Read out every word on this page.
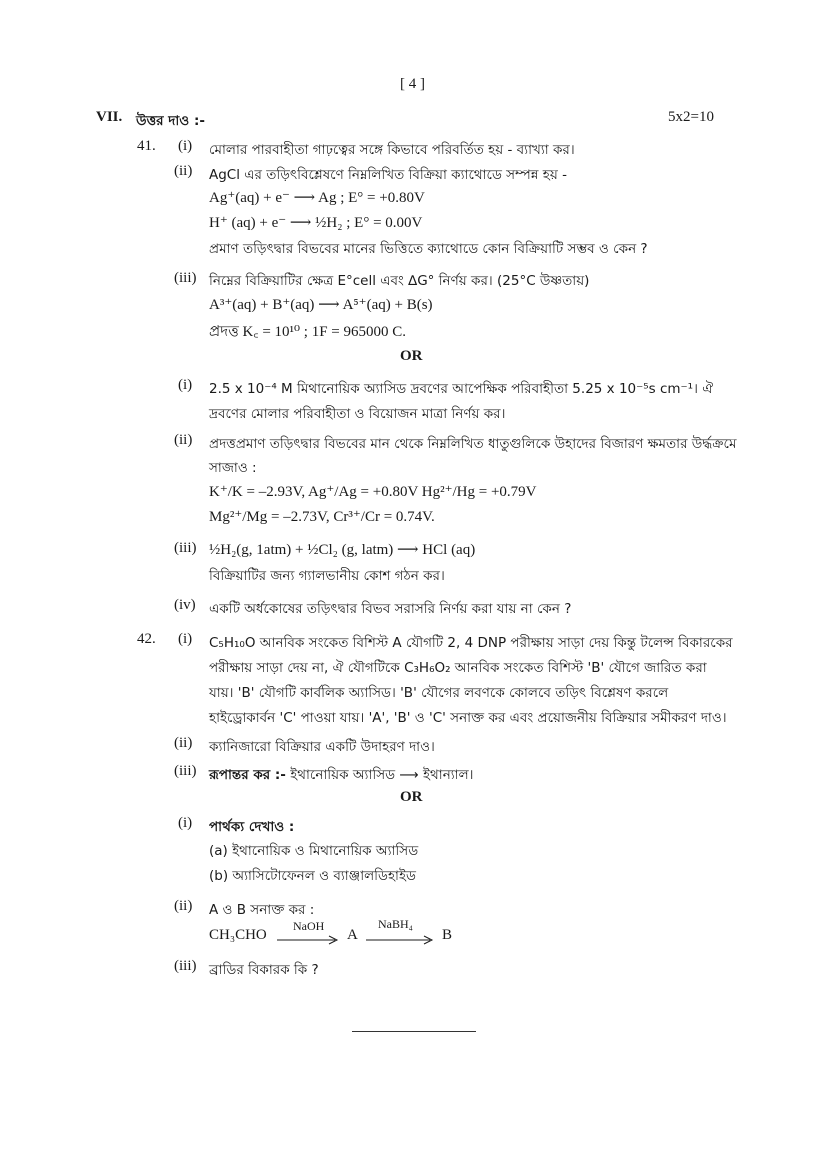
[ 4 ]
VII. উত্তর দাও :-	5x2=10
41. (i) মোলার পারবাহীতা গাঢ়ত্বের সঙ্গে কিভাবে পরিবর্তিত হয় - ব্যাখ্যা কর।
(ii) AgCl এর তড়িৎবিশ্লেষণে নিম্নলিখিত বিক্রিয়া ক্যাথোডে সম্পন্ন হয় -
Ag⁺(aq) + e⁻ ⟶ Ag ; E° = +0.80V
H⁺ (aq) + e⁻ ⟶ ½H₂ ; E° = 0.00V
প্রমাণ তড়িৎদ্বার বিভবের মানের ভিত্তিতে ক্যাথোডে কোন বিক্রিয়াটি সম্ভব ও কেন ?
(iii) নিম্নের বিক্রিয়াটির ক্ষেত্র E°cell এবং ∆G° নির্ণয় কর। (25°C উষ্ণতায়)
A³⁺(aq) + B⁺(aq) ⟶ A⁵⁺(aq) + B(s)
প্রদত্ত K꜀ = 10¹⁰ ; 1F = 965000 C.
OR
(i) 2.5 x 10⁻⁴ M মিথানোয়িক অ্যাসিড দ্রবণের আপেক্ষিক পরিবাহীতা 5.25 x 10⁻⁵s cm⁻¹। ঐ
দ্রবণের মোলার পরিবাহীতা ও বিয়োজন মাত্রা নির্ণয় কর।
(ii) প্রদত্তপ্রমাণ তড়িৎদ্বার বিভবের মান থেকে নিম্নলিখিত ধাতুগুলিকে উহাদের বিজারণ ক্ষমতার উর্দ্ধক্রমে
সাজাও :
K⁺/K = –2.93V, Ag⁺/Ag = +0.80V Hg²⁺/Hg = +0.79V
Mg²⁺/Mg = –2.73V, Cr³⁺/Cr = 0.74V.
(iii) ½H₂(g, 1atm) + ½Cl₂ (g, latm) ⟶ HCl (aq)
বিক্রিয়াটির জন্য গ্যালভানীয় কোশ গঠন কর।
(iv) একটি অর্ধকোষের তড়িৎদ্বার বিভব সরাসরি নির্ণয় করা যায় না কেন ?
42. (i) C₅H₁₀O আনবিক সংকেত বিশিস্ট A যৌগটি 2, 4 DNP পরীক্ষায় সাড়া দেয় কিন্তু টলেন্স বিকারকের
পরীক্ষায় সাড়া দেয় না, ঐ যৌগটিকে C₃H₆O₂ আনবিক সংকেত বিশিস্ট 'B' যৌগে জারিত করা
যায়। 'B' যৌগটি কার্বলিক অ্যাসিড। 'B' যৌগের লবণকে কোলবে তড়িৎ বিশ্লেষণ করলে
হাইড্রোকার্বন 'C' পাওয়া যায়। 'A', 'B' ও 'C' সনাক্ত কর এবং প্রয়োজনীয় বিক্রিয়ার সমীকরণ দাও।
(ii) ক্যানিজারো বিক্রিয়ার একটি উদাহরণ দাও।
(iii) রূপান্তর কর :- ইথানোয়িক অ্যাসিড ⟶ ইথান্যাল।
OR
(i) পার্থক্য দেখাও :
(a) ইথানোয়িক ও মিথানোয়িক অ্যাসিড
(b) অ্যাসিটোফেনল ও ব্যাঞ্জালডিহাইড
(ii) A ও B সনাক্ত কর :
CH₃CHO
NaOH
A
NaBH₄
B
(iii) ব্রাডির বিকারক কি ?
